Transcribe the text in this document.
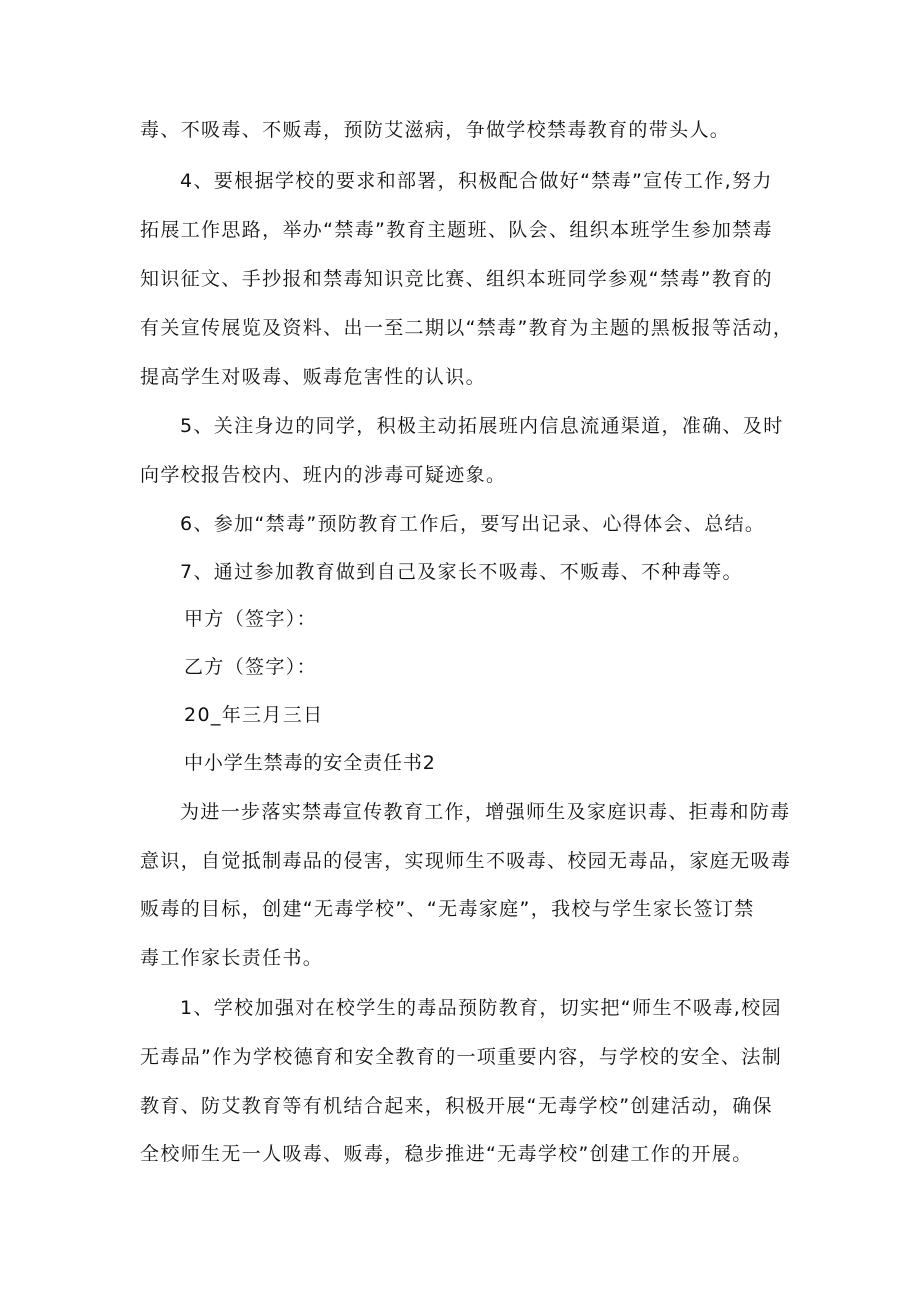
毒、不吸毒、不贩毒，预防艾滋病，争做学校禁毒教育的带头人。
4、要根据学校的要求和部署，积极配合做好“禁毒”宣传工作,努力
拓展工作思路，举办“禁毒”教育主题班、队会、组织本班学生参加禁毒
知识征文、手抄报和禁毒知识竞比赛、组织本班同学参观“禁毒”教育的
有关宣传展览及资料、出一至二期以“禁毒”教育为主题的黑板报等活动，
提高学生对吸毒、贩毒危害性的认识。
5、关注身边的同学，积极主动拓展班内信息流通渠道，准确、及时
向学校报告校内、班内的涉毒可疑迹象。
6、参加“禁毒”预防教育工作后，要写出记录、心得体会、总结。
7、通过参加教育做到自己及家长不吸毒、不贩毒、不种毒等。
甲方（签字）：
乙方（签字）：
20_年三月三日
中小学生禁毒的安全责任书2
为进一步落实禁毒宣传教育工作，增强师生及家庭识毒、拒毒和防毒
意识，自觉抵制毒品的侵害，实现师生不吸毒、校园无毒品，家庭无吸毒
贩毒的目标，创建“无毒学校”、“无毒家庭”，我校与学生家长签订禁
毒工作家长责任书。
1、学校加强对在校学生的毒品预防教育，切实把“师生不吸毒,校园
无毒品”作为学校德育和安全教育的一项重要内容，与学校的安全、法制
教育、防艾教育等有机结合起来，积极开展“无毒学校”创建活动，确保
全校师生无一人吸毒、贩毒，稳步推进“无毒学校”创建工作的开展。
